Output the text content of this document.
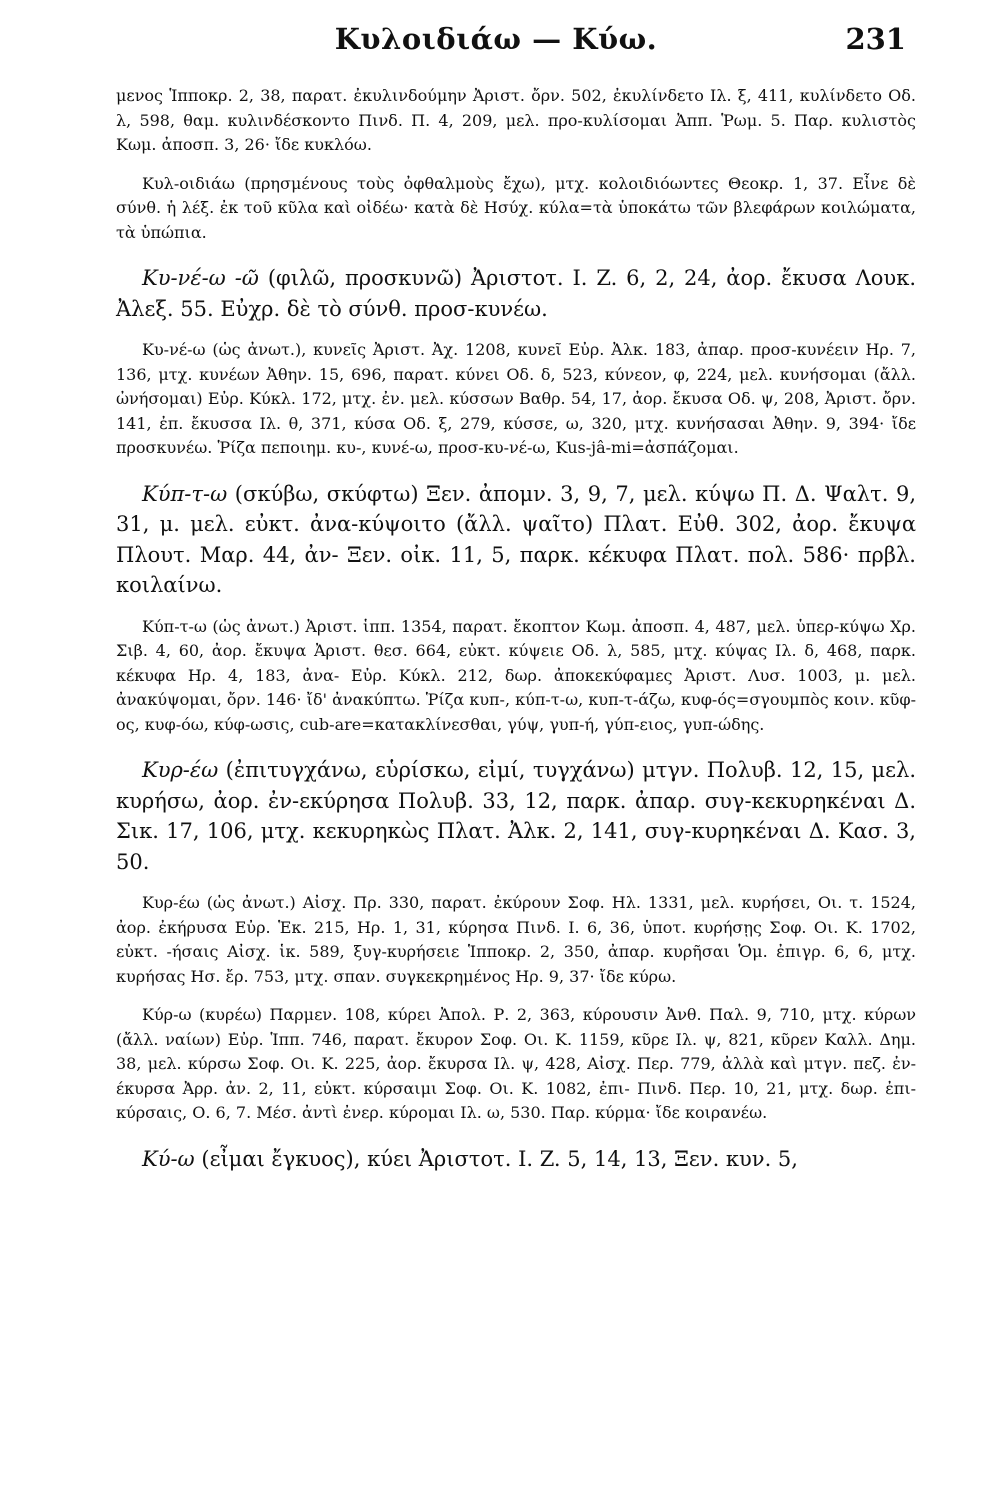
Κυλοιδιάω — Κύω.	231

μενος Ἱπποκρ. 2, 38, παρατ. ἐκυλινδούμην Ἀριστ. ὄρν. 502, ἐκυλίνδετο Ιλ. ξ, 411, κυλίνδετο Οδ. λ, 598, θαμ. κυλινδέσκοντο Πινδ. Π. 4, 209, μελ. προ-κυλίσομαι Ἀππ. Ῥωμ. 5. Παρ. κυλιστὸς Κωμ. ἀποσπ. 3, 26· ἴδε κυκλόω.

Κυλ-οιδιάω (πρησμένους τοὺς ὀφθαλμοὺς ἔχω), μτχ. κολοιδιόωντες Θεοκρ. 1, 37. Εἶνε δὲ σύνθ. ἡ λέξ. ἐκ τοῦ κῦλα καὶ οἰδέω· κατὰ δὲ Ησύχ. κύλα=τὰ ὑποκάτω τῶν βλεφάρων κοιλώματα, τὰ ὑπώπια.

Κυ-νέ-ω -ῶ (φιλῶ, προσκυνῶ) Ἀριστοτ. I. Z. 6, 2, 24, ἀορ. ἔκυσα Λουκ. Ἀλεξ. 55. Εὐχρ. δὲ τὸ σύνθ. προσ-κυνέω.

Κυ-νέ-ω (ὡς ἀνωτ.), κυνεῖς Ἀριστ. Ἀχ. 1208, κυνεῖ Εὐρ. Ἀλκ. 183, ἀπαρ. προσ-κυνέειν Ηρ. 7, 136, μτχ. κυνέων Ἀθην. 15, 696, παρατ. κύνει Οδ. δ, 523, κύνεον, φ, 224, μελ. κυνήσομαι (ἄλλ. ὠνήσομαι) Εὐρ. Κύκλ. 172, μτχ. ἐν. μελ. κύσσων Βαθρ. 54, 17, ἀορ. ἔκυσα Οδ. ψ, 208, Ἀριστ. ὄρν. 141, ἐπ. ἔκυσσα Ιλ. θ, 371, κύσα Οδ. ξ, 279, κύσσε, ω, 320, μτχ. κυνήσασαι Ἀθην. 9, 394· ἴδε προσκυνέω. Ῥίζα πεποιημ. κυ-, κυνέ-ω, προσ-κυ-νέ-ω, Kus-jâ-mi=ἀσπάζομαι.

Κύπ-τ-ω (σκύβω, σκύφτω) Ξεν. ἀπομν. 3, 9, 7, μελ. κύψω Π. Δ. Ψαλτ. 9, 31, μ. μελ. εὐκτ. ἀνα-κύψοιτο (ἄλλ. ψαῖτο) Πλατ. Εὐθ. 302, ἀορ. ἔκυψα Πλουτ. Μαρ. 44, ἀν- Ξεν. οἰκ. 11, 5, παρκ. κέκυφα Πλατ. πολ. 586· πρβλ. κοιλαίνω.

Κύπ-τ-ω (ὡς ἀνωτ.) Ἀριστ. ἱππ. 1354, παρατ. ἔκοπτον Κωμ. ἀποσπ. 4, 487, μελ. ὑπερ-κύψω Χρ. Σιβ. 4, 60, ἀορ. ἔκυψα Ἀριστ. θεσ. 664, εὐκτ. κύψειε Οδ. λ, 585, μτχ. κύψας Ιλ. δ, 468, παρκ. κέκυφα Ηρ. 4, 183, ἀνα- Εὐρ. Κύκλ. 212, δωρ. ἀποκεκύφαμες Ἀριστ. Λυσ. 1003, μ. μελ. ἀνακύψομαι, ὄρν. 146· ἴδ' ἀνακύπτω. Ῥίζα κυπ-, κύπ-τ-ω, κυπ-τ-άζω, κυφ-ός=σγουμπὸς κοιν. κῦφ-ος, κυφ-όω, κύφ-ωσις, cub-are=κατακλίνεσθαι, γύψ, γυπ-ή, γύπ-ειος, γυπ-ώδης.

Κυρ-έω (ἐπιτυγχάνω, εὑρίσκω, εἰμί, τυγχάνω) μτγν. Πολυβ. 12, 15, μελ. κυρήσω, ἀορ. ἐν-εκύρησα Πολυβ. 33, 12, παρκ. ἀπαρ. συγ-κεκυρηκέναι Δ. Σικ. 17, 106, μτχ. κεκυρηκὼς Πλατ. Ἀλκ. 2, 141, συγ-κυρηκέναι Δ. Κασ. 3, 50.

Κυρ-έω (ὡς ἀνωτ.) Αἰσχ. Πρ. 330, παρατ. ἐκύρουν Σοφ. Ηλ. 1331, μελ. κυρήσει, Οι. τ. 1524, ἀορ. ἐκήρυσα Εὐρ. Ἑκ. 215, Ηρ. 1, 31, κύρησα Πινδ. I. 6, 36, ὑποτ. κυρήσῃς Σοφ. Οι. Κ. 1702, εὐκτ. -ήσαις Αἰσχ. ἱκ. 589, ξυγ-κυρήσειε Ἱπποκρ. 2, 350, ἀπαρ. κυρῆσαι Ὁμ. ἐπιγρ. 6, 6, μτχ. κυρήσας Ησ. ἔρ. 753, μτχ. σπαν. συγκεκρημένος Ηρ. 9, 37· ἴδε κύρω.

Κύρ-ω (κυρέω) Παρμεν. 108, κύρει Ἀπολ. Ρ. 2, 363, κύρουσιν Ἀνθ. Παλ. 9, 710, μτχ. κύρων (ἄλλ. ναίων) Εὐρ. Ἱππ. 746, παρατ. ἔκυρον Σοφ. Οι. Κ. 1159, κῦρε Ιλ. ψ, 821, κῦρεν Καλλ. Δημ. 38, μελ. κύρσω Σοφ. Οι. Κ. 225, ἀορ. ἔκυρσα Ιλ. ψ, 428, Αἰσχ. Περ. 779, ἀλλὰ καὶ μτγν. πεζ. ἐν-έκυρσα Ἀρρ. ἀν. 2, 11, εὐκτ. κύρσαιμι Σοφ. Οι. Κ. 1082, ἐπι- Πινδ. Περ. 10, 21, μτχ. δωρ. ἐπι-κύρσαις, Ο. 6, 7. Μέσ. ἀντὶ ἐνερ. κύρομαι Ιλ. ω, 530. Παρ. κύρμα· ἴδε κοιρανέω.

Κύ-ω (εἶμαι ἔγκυος), κύει Ἀριστοτ. I. Z. 5, 14, 13, Ξεν. κυν. 5,
